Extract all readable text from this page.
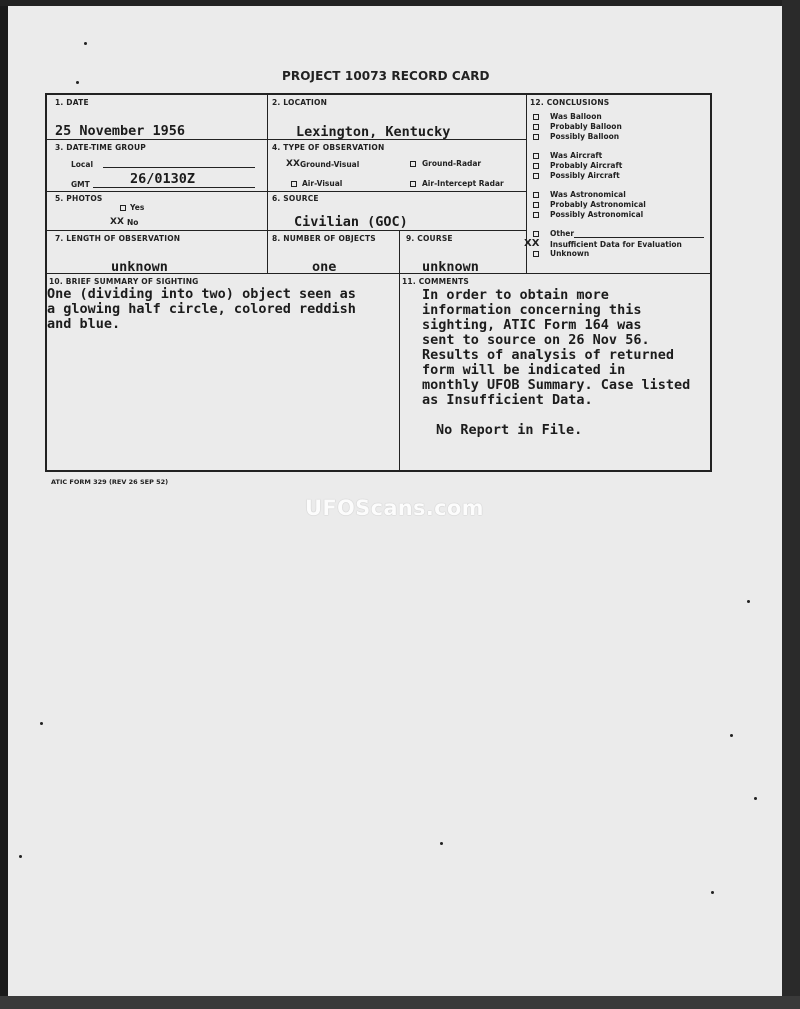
PROJECT 10073 RECORD CARD
1. DATE
25 November 1956
2. LOCATION
Lexington, Kentucky
12. CONCLUSIONS
Was Balloon
Probably Balloon
Possibly Balloon
Was Aircraft
Probably Aircraft
Possibly Aircraft
Was Astronomical
Probably Astronomical
Possibly Astronomical
Other
XX Insufficient Data for Evaluation
Unknown
3. DATE-TIME GROUP
Local
GMT	26/0130Z
4. TYPE OF OBSERVATION
XX Ground-Visual	Ground-Radar
Air-Visual	Air-Intercept Radar
5. PHOTOS
Yes
XX No
6. SOURCE
Civilian (GOC)
7. LENGTH OF OBSERVATION
unknown
8. NUMBER OF OBJECTS
one
9. COURSE
unknown
10. BRIEF SUMMARY OF SIGHTING
One (dividing into two) object seen as
a glowing half circle, colored reddish
and blue.
11. COMMENTS
In order to obtain more
information concerning this
sighting, ATIC Form 164 was
sent to source on 26 Nov 56.
Results of analysis of returned
form will be indicated in
monthly UFOB Summary. Case listed
as Insufficient Data.
No Report in File.
ATIC FORM 329 (REV 26 SEP 52)
UFOScans.com
